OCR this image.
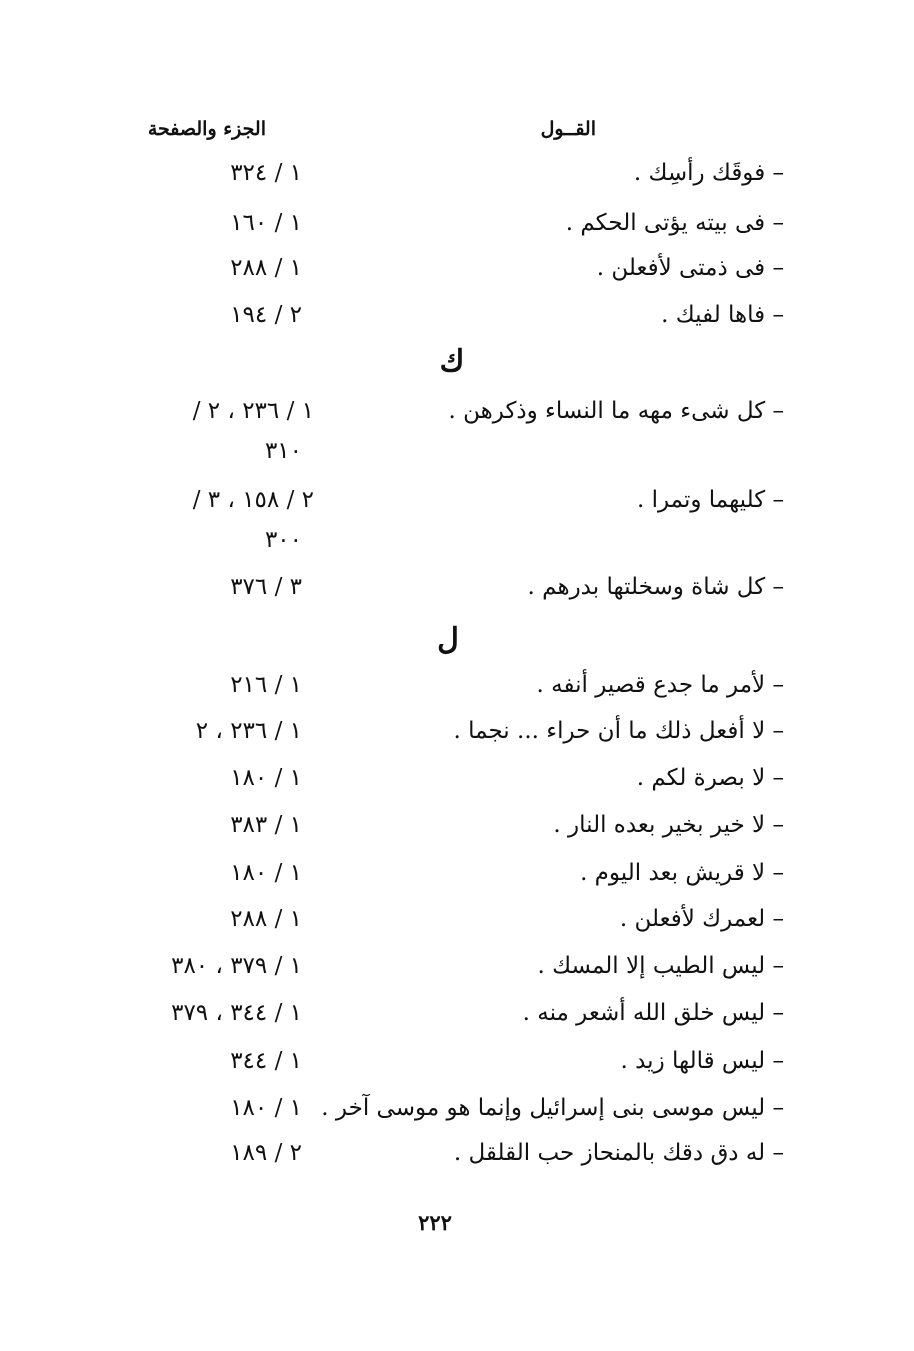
القــول
الجزء والصفحة
– فوقَك رأسِك .
١ / ٣٢٤
– فى بيته يؤتى الحكم .
١ / ١٦٠
– فى ذمتى لأفعلن .
١ / ٢٨٨
– فاها لفيك .
٢ / ١٩٤
ك
– كل شىء مهه ما النساء وذكرهن .
١ / ٢٣٦ ، ٢ /
٣١٠
– كليهما وتمرا .
٢ / ١٥٨ ، ٣ /
٣٠٠
– كل شاة وسخلتها بدرهم .
٣ / ٣٧٦
ل
– لأمر ما جدع قصير أنفه .
١ / ٢١٦
– لا أفعل ذلك ما أن حراء ... نجما .
١ / ٢٣٦ ، ٢
– لا بصرة لكم .
١ / ١٨٠
– لا خير بخير بعده النار .
١ / ٣٨٣
– لا قريش بعد اليوم .
١ / ١٨٠
– لعمرك لأفعلن .
١ / ٢٨٨
– ليس الطيب إلا المسك .
١ / ٣٧٩ ، ٣٨٠
– ليس خلق الله أشعر منه .
١ / ٣٤٤ ، ٣٧٩
– ليس قالها زيد .
١ / ٣٤٤
– ليس موسى بنى إسرائيل وإنما هو موسى آخر .
١ / ١٨٠
– له دق دقك بالمنحاز حب القلقل .
٢ / ١٨٩
٢٢٢
